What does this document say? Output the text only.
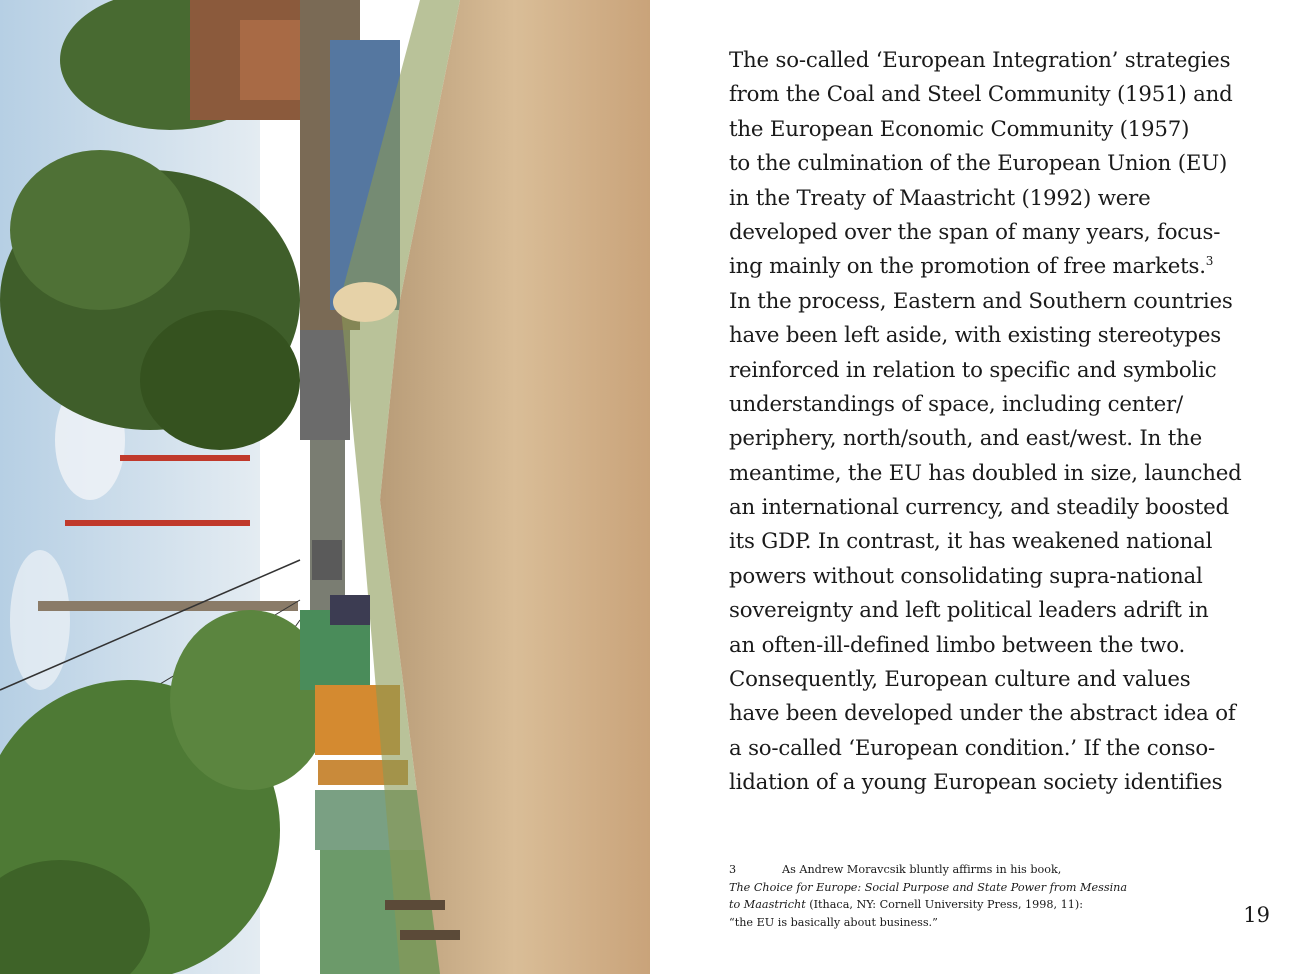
The so-called ‘European Integration’ strategies
from the Coal and Steel Community (1951) and
the European Economic Community (1957)
to the culmination of the European Union (EU)
in the Treaty of Maastricht (1992) were
developed over the span of many years, focus-
ing mainly on the promotion of free markets.$^3$
In the process, Eastern and Southern countries
have been left aside, with existing stereotypes
reinforced in relation to specific and symbolic
understandings of space, including center/
periphery, north/south, and east/west. In the
meantime, the EU has doubled in size, launched
an international currency, and steadily boosted
its GDP. In contrast, it has weakened national
powers without consolidating supra-national
sovereignty and left political leaders adrift in
an often-ill-defined limbo between the two.
Consequently, European culture and values
have been developed under the abstract idea of
a so-called ‘European condition.’ If the conso-
lidation of a young European society identifies

3	As Andrew Moravcsik bluntly affirms in his book,
The Choice for Europe: Social Purpose and State Power from Messina
to Maastricht (Ithaca, NY: Cornell University Press, 1998, 11):
“the EU is basically about business.”	19
